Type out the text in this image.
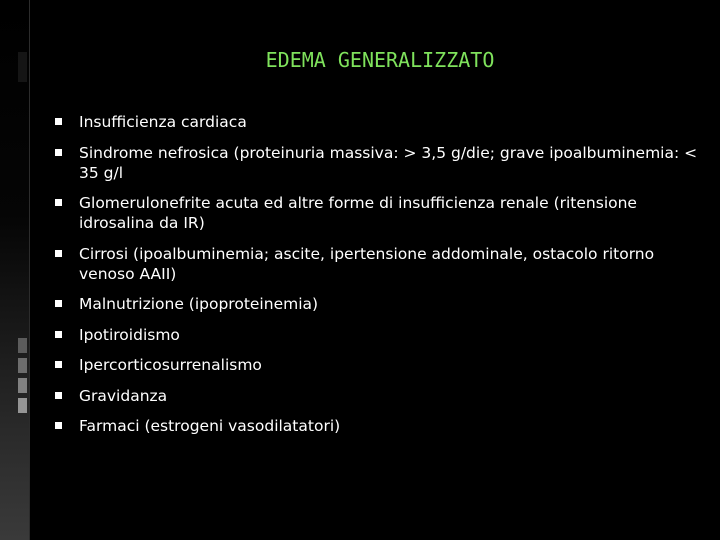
EDEMA GENERALIZZATO
Insufficienza cardiaca
Sindrome nefrosica (proteinuria massiva: > 3,5 g/die; grave ipoalbuminemia: < 35 g/l
Glomerulonefrite acuta ed altre forme di insufficienza renale (ritensione idrosalina da IR)
Cirrosi (ipoalbuminemia; ascite, ipertensione addominale, ostacolo ritorno venoso AAII)
Malnutrizione (ipoproteinemia)
Ipotiroidismo
Ipercorticosurrenalismo
Gravidanza
Farmaci (estrogeni vasodilatatori)
